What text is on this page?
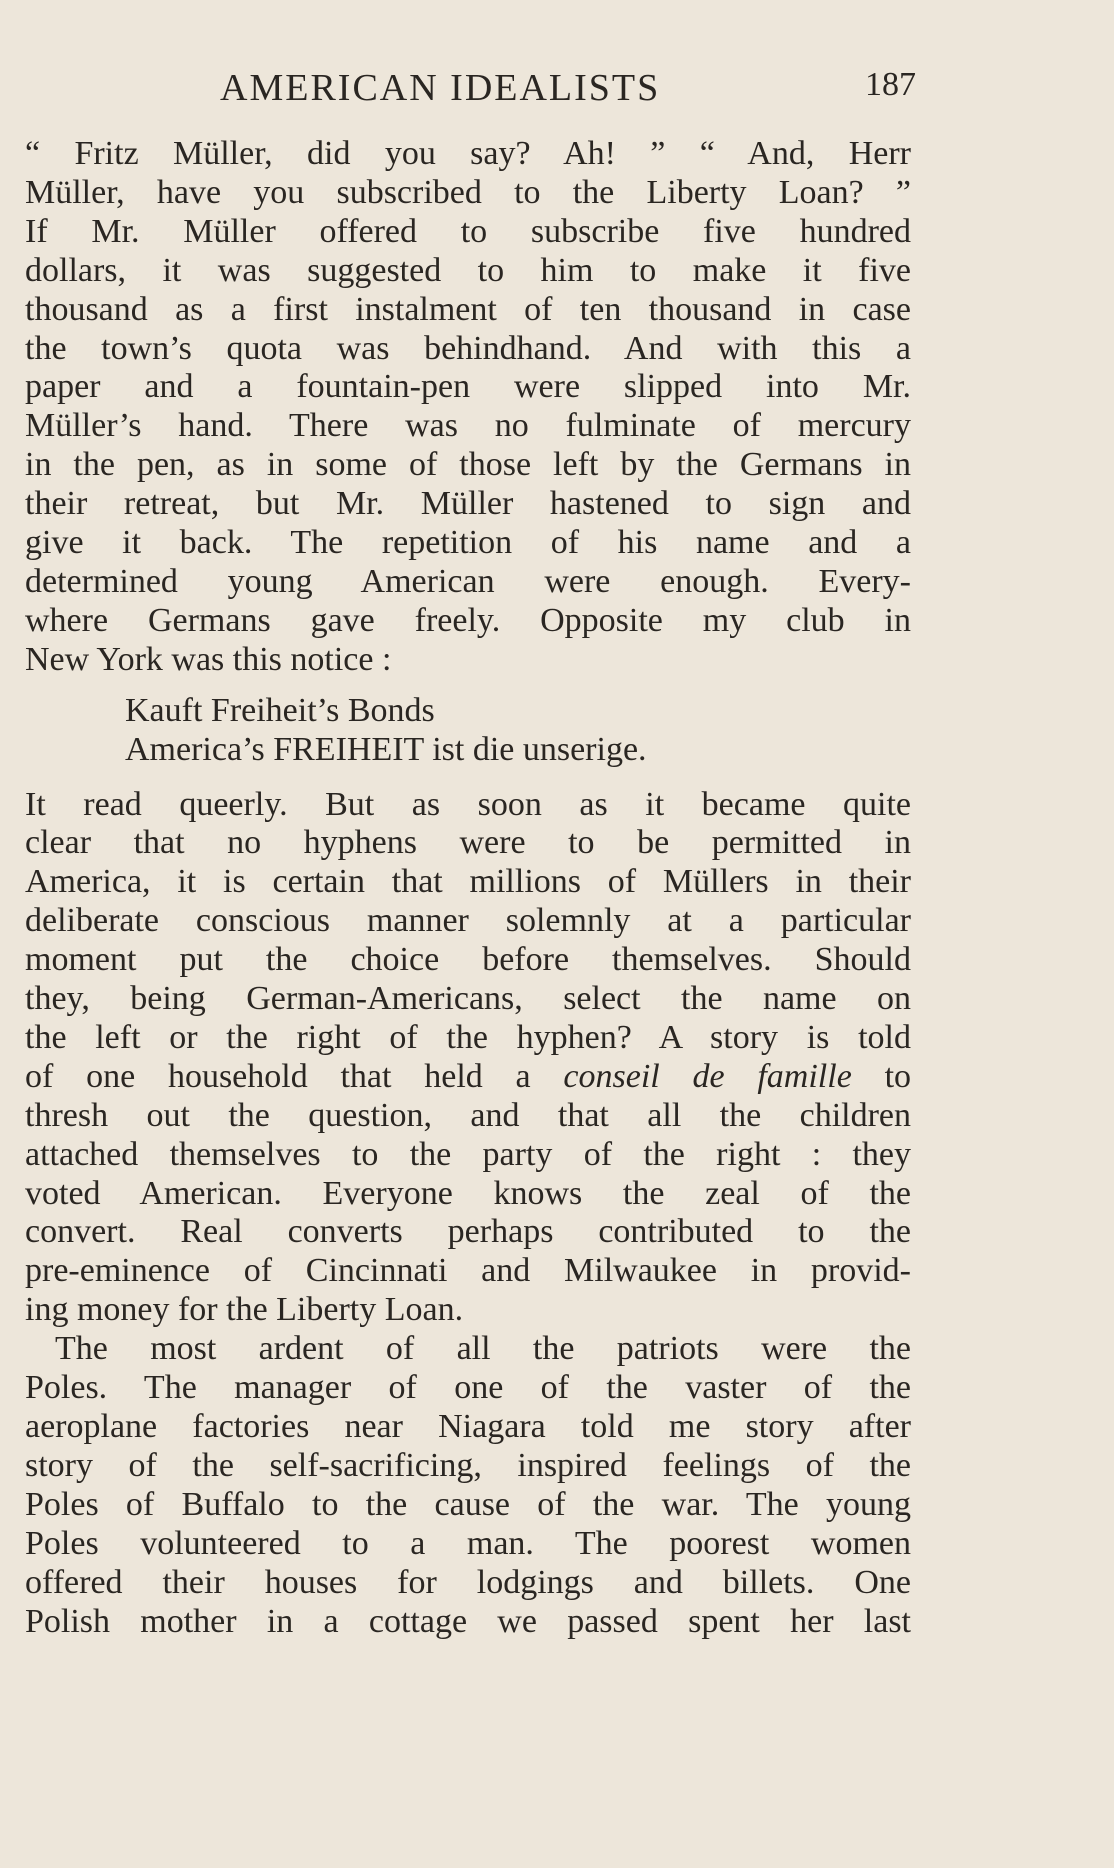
AMERICAN IDEALISTS	187
“ Fritz Müller, did you say? Ah! ” “ And, Herr
Müller, have you subscribed to the Liberty Loan? ”
If Mr. Müller offered to subscribe five hundred
dollars, it was suggested to him to make it five
thousand as a first instalment of ten thousand in case
the town’s quota was behindhand. And with this a
paper and a fountain-pen were slipped into Mr.
Müller’s hand. There was no fulminate of mercury
in the pen, as in some of those left by the Germans in
their retreat, but Mr. Müller hastened to sign and
give it back. The repetition of his name and a
determined young American were enough. Every-
where Germans gave freely. Opposite my club in
New York was this notice :
Kauft Freiheit’s Bonds
America’s FREIHEIT ist die unserige.
It read queerly. But as soon as it became quite
clear that no hyphens were to be permitted in
America, it is certain that millions of Müllers in their
deliberate conscious manner solemnly at a particular
moment put the choice before themselves. Should
they, being German-Americans, select the name on
the left or the right of the hyphen? A story is told
of one household that held a conseil de famille to
thresh out the question, and that all the children
attached themselves to the party of the right : they
voted American. Everyone knows the zeal of the
convert. Real converts perhaps contributed to the
pre-eminence of Cincinnati and Milwaukee in provid-
ing money for the Liberty Loan.
The most ardent of all the patriots were the
Poles. The manager of one of the vaster of the
aeroplane factories near Niagara told me story after
story of the self-sacrificing, inspired feelings of the
Poles of Buffalo to the cause of the war. The young
Poles volunteered to a man. The poorest women
offered their houses for lodgings and billets. One
Polish mother in a cottage we passed spent her last
